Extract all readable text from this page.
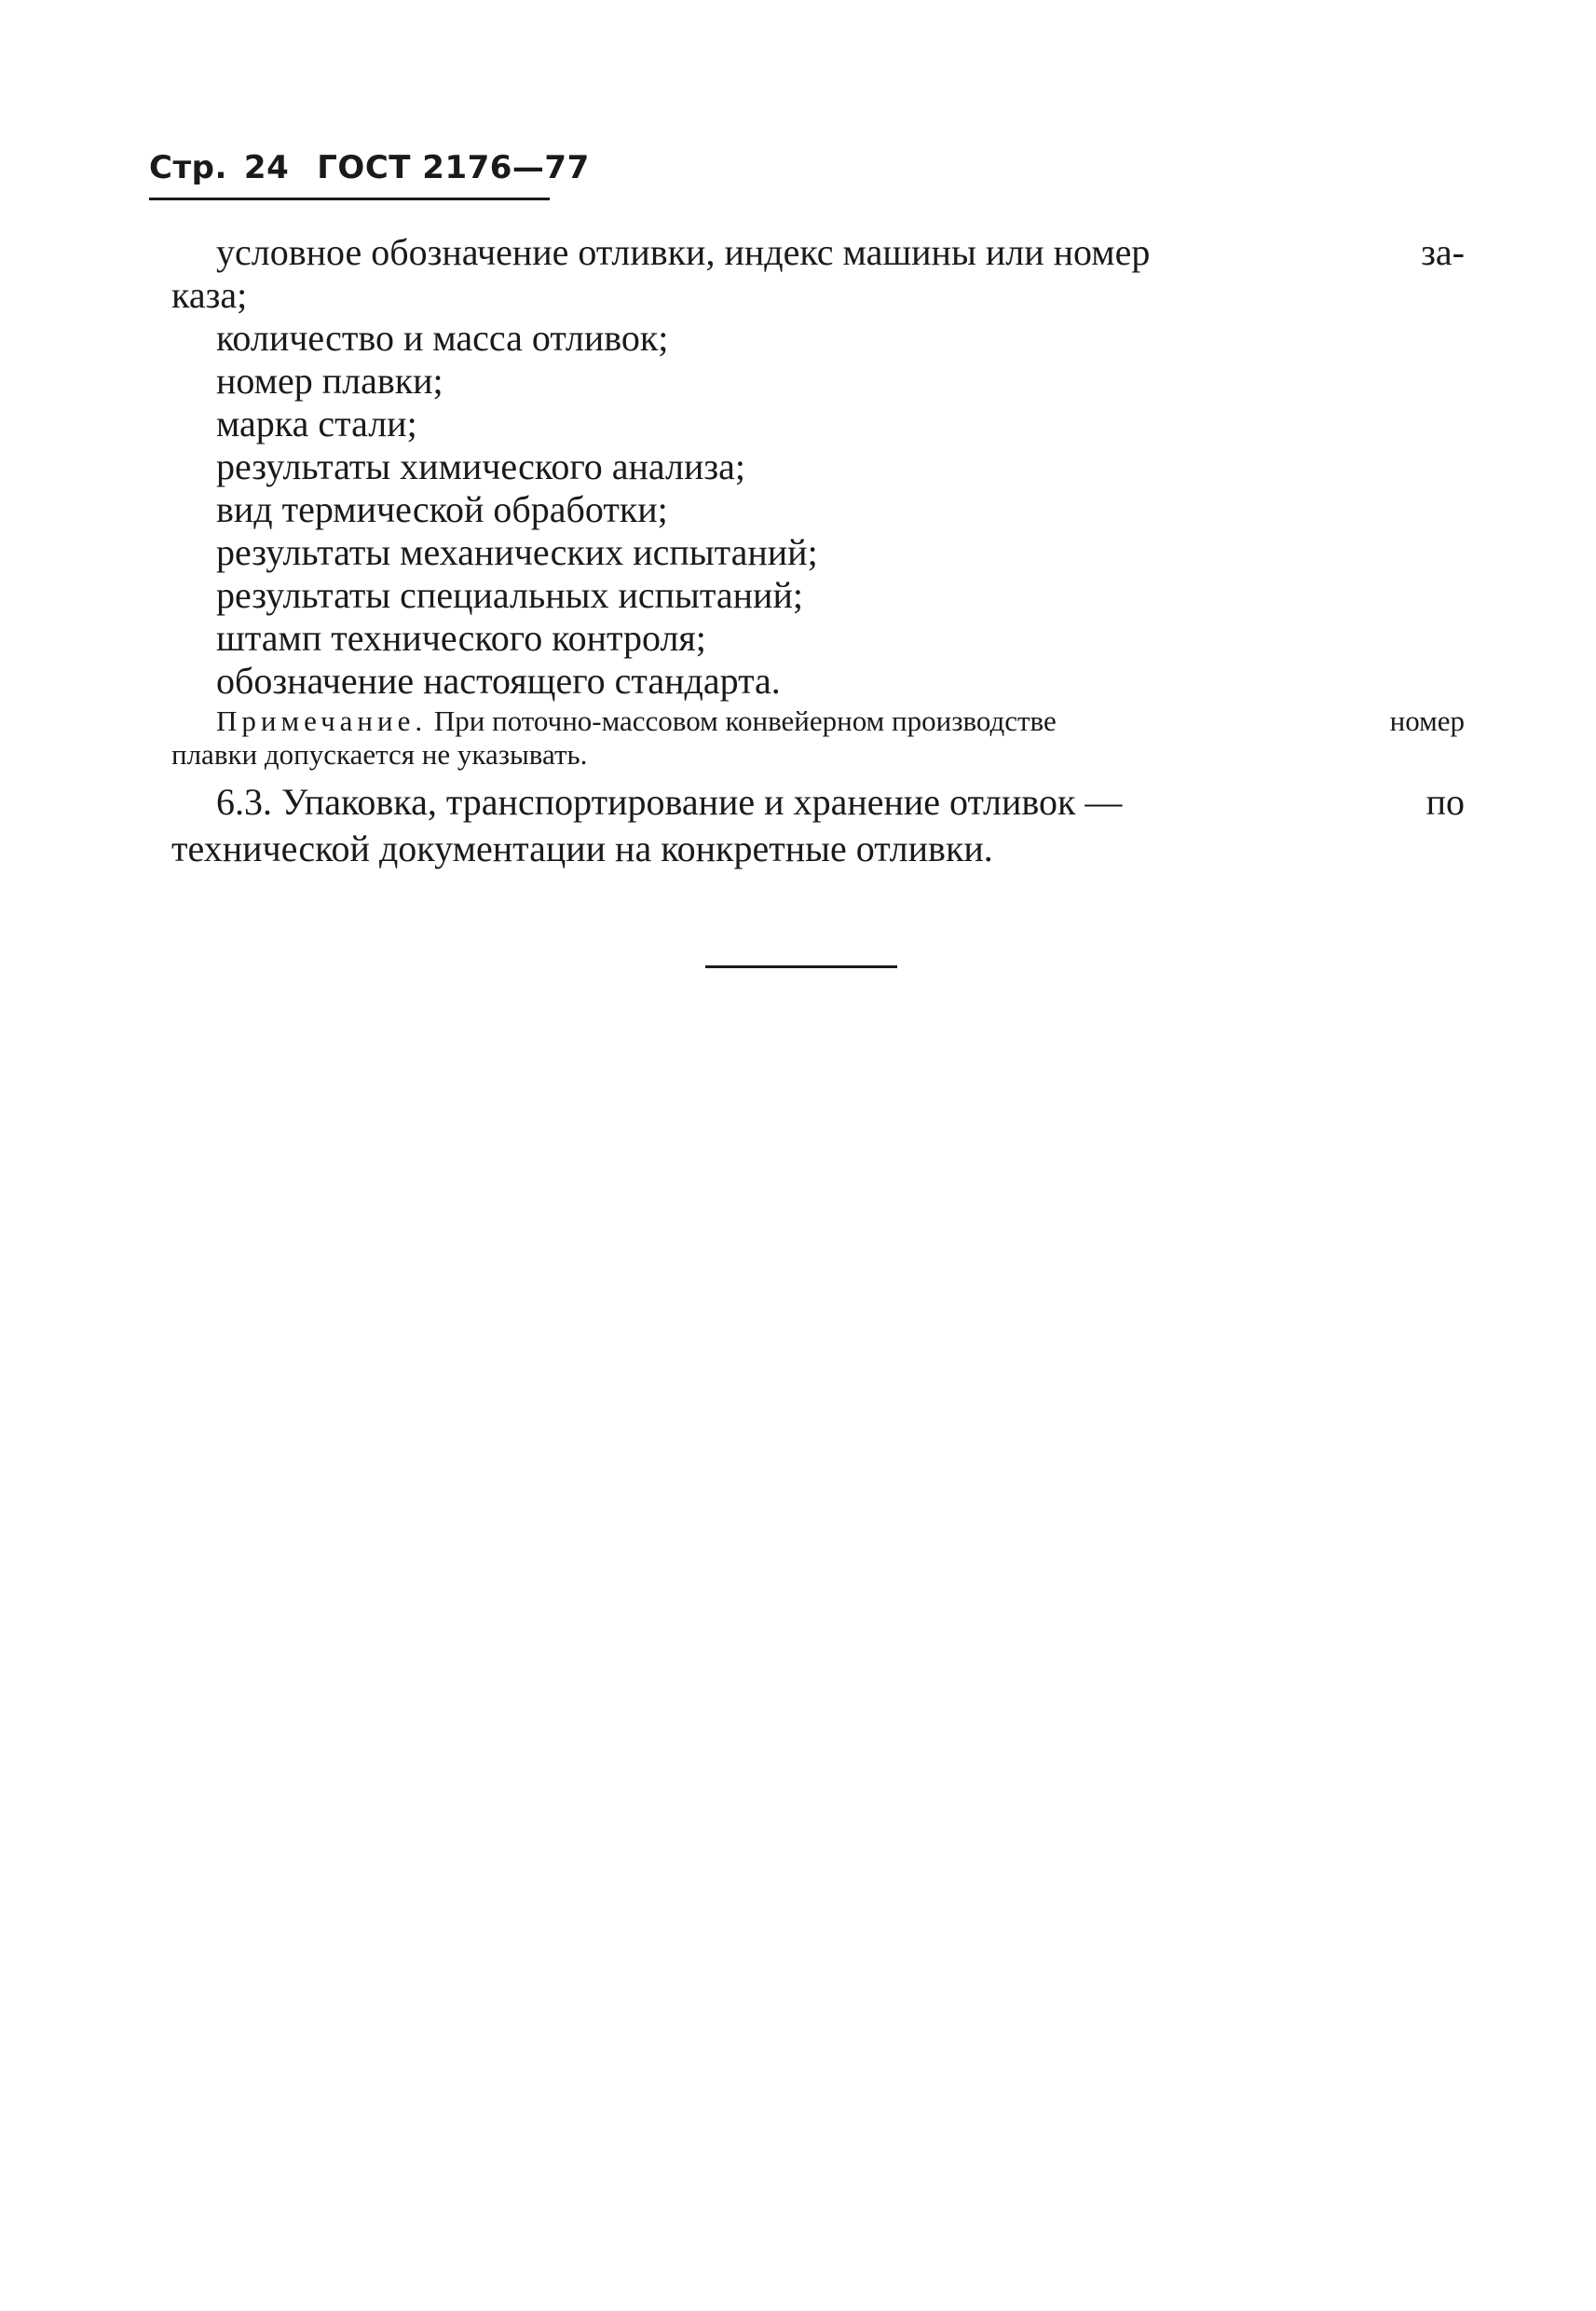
Стр. 24 ГОСТ 2176—77
условное обозначение отливки, индекс машины или номер	за-
каза;
количество и масса отливок;
номер плавки;
марка стали;
результаты химического анализа;
вид термической обработки;
результаты механических испытаний;
результаты специальных испытаний;
штамп технического контроля;
обозначение настоящего стандарта.
Примечание. При поточно-массовом конвейерном производстве	номер
плавки допускается не указывать.
6.3. Упаковка, транспортирование и хранение отливок —	по
технической документации на конкретные отливки.
